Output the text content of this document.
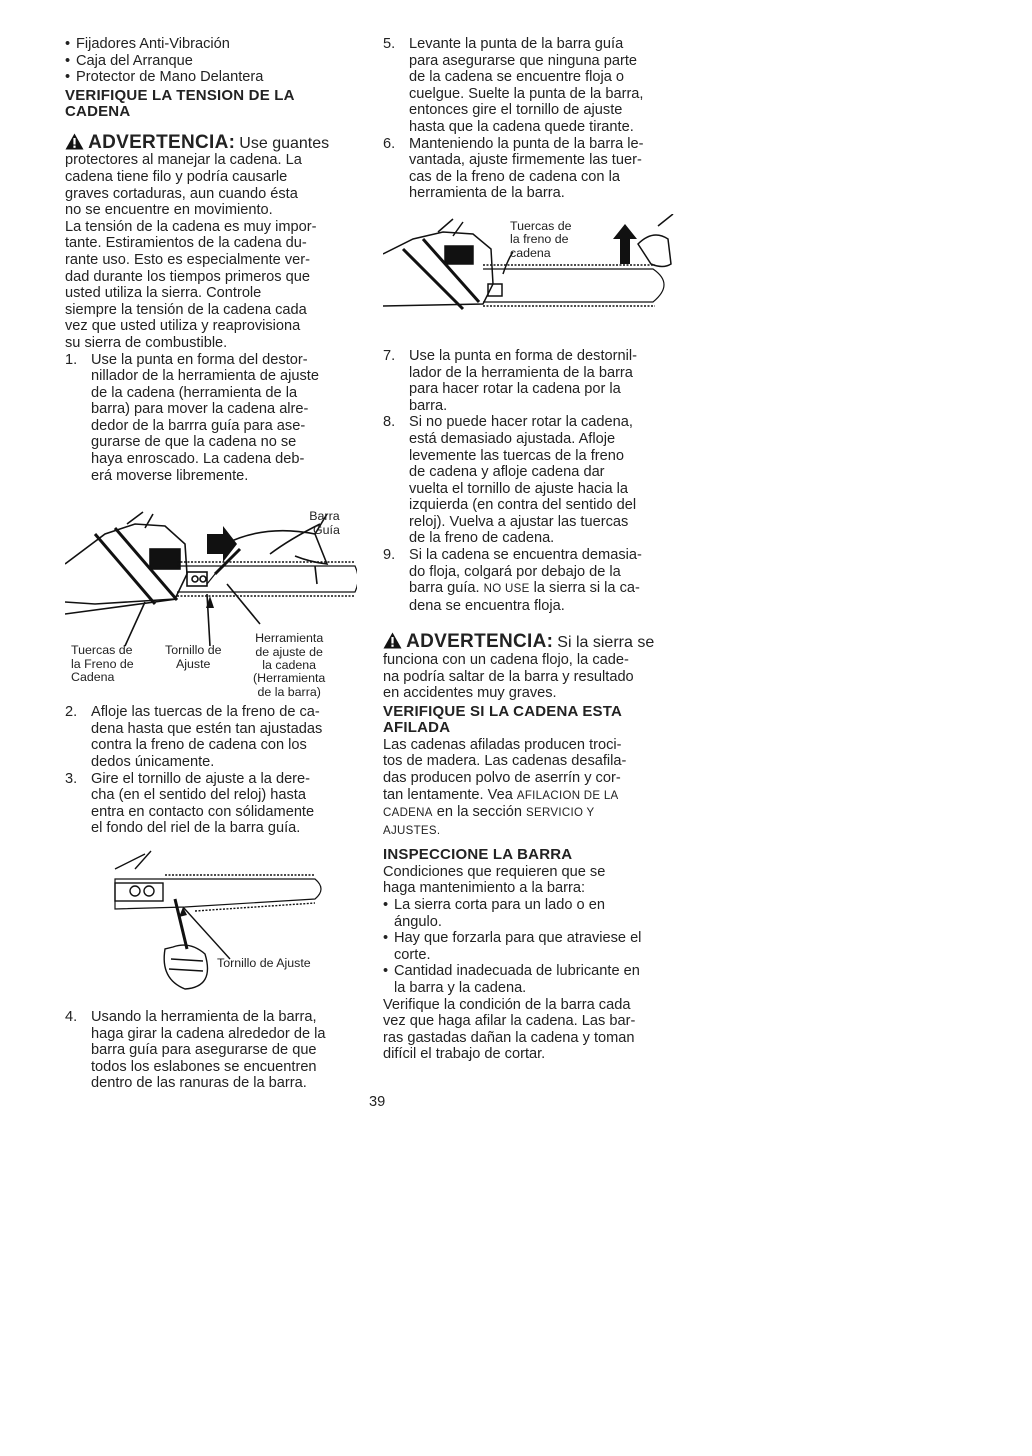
• Fijadores Anti-Vibración
• Caja del Arranque
• Protector de Mano Delantera
VERIFIQUE LA TENSION DE LA
CADENA
ADVERTENCIA: Use guantes
protectores al manejar la cadena. La
cadena tiene filo y podría causarle
graves cortaduras, aun cuando ésta
no se encuentre en movimiento.
La tensión de la cadena es muy impor-
tante. Estiramientos de la cadena du-
rante uso. Esto es especialmente ver-
dad durante los tiempos primeros que
usted utiliza la sierra. Controle
siempre la tensión de la cadena cada
vez que usted utiliza y reaprovisiona
su sierra de combustible.
1. Use la punta en forma del destor-
nillador de la herramienta de ajuste
de la cadena (herramienta de la
barra) para mover la cadena alre-
dedor de la barrra guía para ase-
gurarse de que la cadena no se
haya enroscado. La cadena deb-
erá moverse libremente.
Barra
Guía
Tuercas de
la Freno de
Cadena
Tornillo de
Ajuste
Herramienta
de ajuste de
la cadena
(Herramienta
de la barra)
2. Afloje las tuercas de la freno de ca-
dena hasta que estén tan ajustadas
contra la freno de cadena con los
dedos únicamente.
3. Gire el tornillo de ajuste a la dere-
cha (en el sentido del reloj) hasta
entra en contacto con sólidamente
el fondo del riel de la barra guía.
Tornillo de Ajuste
4. Usando la herramienta de la barra,
haga girar la cadena alrededor de la
barra guía para asegurarse de que
todos los eslabones se encuentren
dentro de las ranuras de la barra.
5. Levante la punta de la barra guía
para asegurarse que ninguna parte
de la cadena se encuentre floja o
cuelgue. Suelte la punta de la barra,
entonces gire el tornillo de ajuste
hasta que la cadena quede tirante.
6. Manteniendo la punta de la barra le-
vantada, ajuste firmemente las tuer-
cas de la freno de cadena con la
herramienta de la barra.
Tuercas de
la freno de
cadena
7. Use la punta en forma de destornil-
lador de la herramienta de la barra
para hacer rotar la cadena por la
barra.
8. Si no puede hacer rotar la cadena,
está demasiado ajustada. Afloje
levemente las tuercas de la freno
de cadena y afloje cadena dar
vuelta el tornillo de ajuste hacia la
izquierda (en contra del sentido del
reloj). Vuelva a ajustar las tuercas
de la freno de cadena.
9. Si la cadena se encuentra demasia-
do floja, colgará por debajo de la
barra guía. NO USE la sierra si la ca-
dena se encuentra floja.
ADVERTENCIA: Si la sierra se
funciona con un cadena flojo, la cade-
na podría saltar de la barra y resultado
en accidentes muy graves.
VERIFIQUE SI LA CADENA ESTA
AFILADA
Las cadenas afiladas producen troci-
tos de madera. Las cadenas desafila-
das producen polvo de aserrín y cor-
tan lentamente. Vea AFILACION DE LA
CADENA en la sección SERVICIO Y
AJUSTES.
INSPECCIONE LA BARRA
Condiciones que requieren que se
haga mantenimiento a la barra:
• La sierra corta para un lado o en
ángulo.
• Hay que forzarla para que atraviese el
corte.
• Cantidad inadecuada de lubricante en
la barra y la cadena.
Verifique la condición de la barra cada
vez que haga afilar la cadena. Las bar-
ras gastadas dañan la cadena y toman
difícil el trabajo de cortar.
39
